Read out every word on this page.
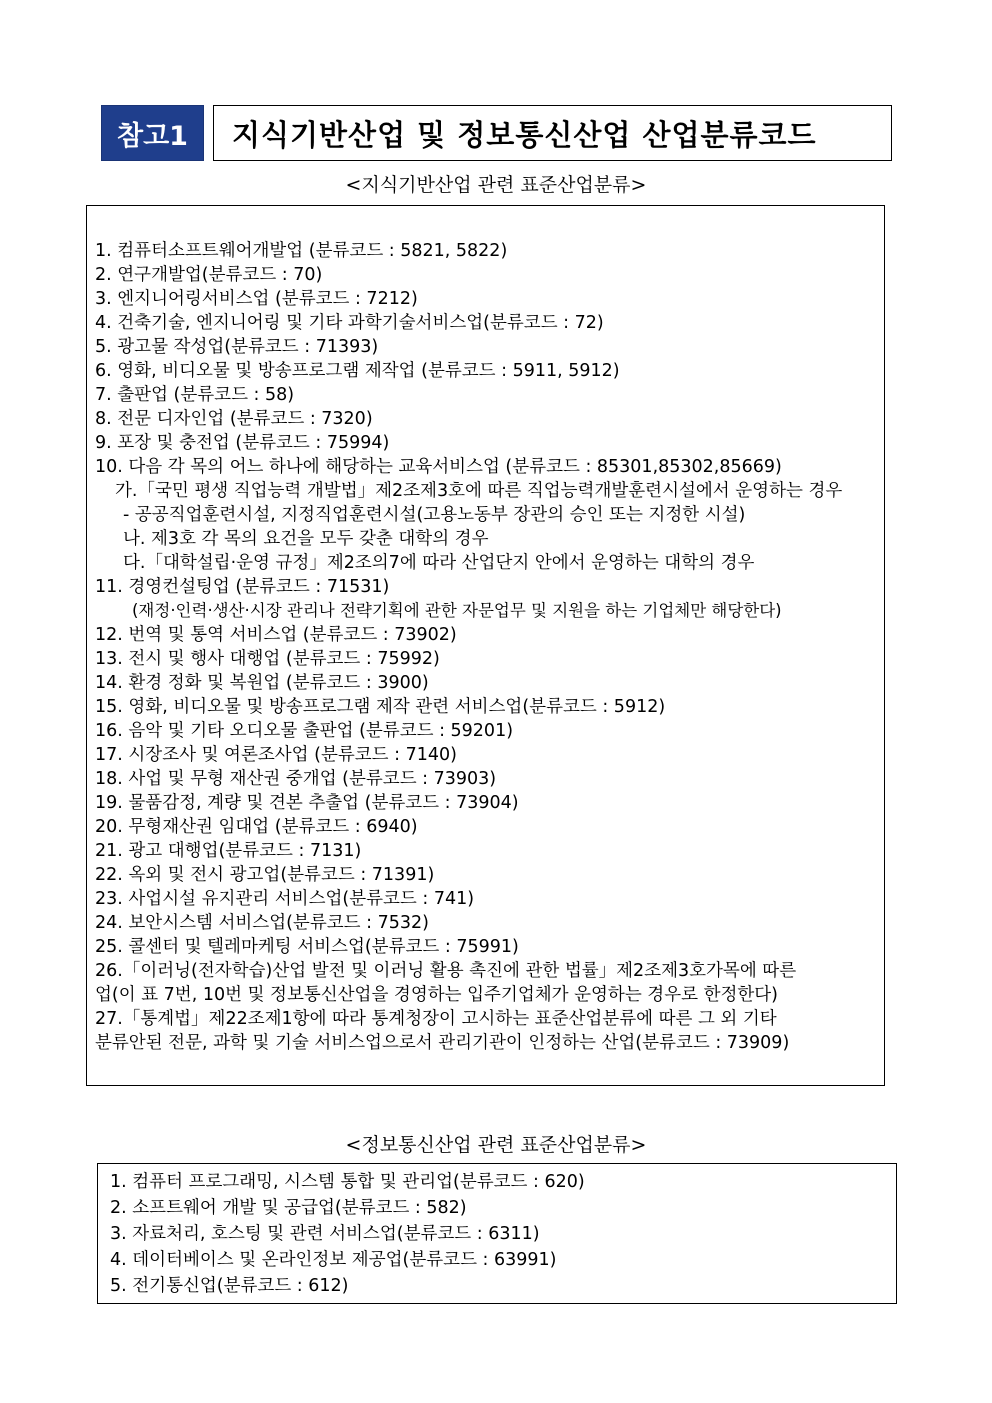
참고1	지식기반산업 및 정보통신산업 산업분류코드
<지식기반산업 관련 표준산업분류>
1. 컴퓨터소프트웨어개발업 (분류코드 : 5821, 5822)
2. 연구개발업(분류코드 : 70)
3. 엔지니어링서비스업 (분류코드 : 7212)
4. 건축기술, 엔지니어링 및 기타 과학기술서비스업(분류코드 : 72)
5. 광고물 작성업(분류코드 : 71393)
6. 영화, 비디오물 및 방송프로그램 제작업 (분류코드 : 5911, 5912)
7. 출판업 (분류코드 : 58)
8. 전문 디자인업 (분류코드 : 7320)
9. 포장 및 충전업 (분류코드 : 75994)
10. 다음 각 목의 어느 하나에 해당하는 교육서비스업 (분류코드 : 85301,85302,85669)
가.「국민 평생 직업능력 개발법」제2조제3호에 따른 직업능력개발훈련시설에서 운영하는 경우
- 공공직업훈련시설, 지정직업훈련시설(고용노동부 장관의 승인 또는 지정한 시설)
나. 제3호 각 목의 요건을 모두 갖춘 대학의 경우
다.「대학설립·운영 규정」제2조의7에 따라 산업단지 안에서 운영하는 대학의 경우
11. 경영컨설팅업 (분류코드 : 71531)
(재정·인력·생산·시장 관리나 전략기획에 관한 자문업무 및 지원을 하는 기업체만 해당한다)
12. 번역 및 통역 서비스업 (분류코드 : 73902)
13. 전시 및 행사 대행업 (분류코드 : 75992)
14. 환경 정화 및 복원업 (분류코드 : 3900)
15. 영화, 비디오물 및 방송프로그램 제작 관련 서비스업(분류코드 : 5912)
16. 음악 및 기타 오디오물 출판업 (분류코드 : 59201)
17. 시장조사 및 여론조사업 (분류코드 : 7140)
18. 사업 및 무형 재산권 중개업 (분류코드 : 73903)
19. 물품감정, 계량 및 견본 추출업 (분류코드 : 73904)
20. 무형재산권 임대업 (분류코드 : 6940)
21. 광고 대행업(분류코드 : 7131)
22. 옥외 및 전시 광고업(분류코드 : 71391)
23. 사업시설 유지관리 서비스업(분류코드 : 741)
24. 보안시스템 서비스업(분류코드 : 7532)
25. 콜센터 및 텔레마케팅 서비스업(분류코드 : 75991)
26.「이러닝(전자학습)산업 발전 및 이러닝 활용 촉진에 관한 법률」제2조제3호가목에 따른
업(이 표 7번, 10번 및 정보통신산업을 경영하는 입주기업체가 운영하는 경우로 한정한다)
27.「통계법」제22조제1항에 따라 통계청장이 고시하는 표준산업분류에 따른 그 외 기타
분류안된 전문, 과학 및 기술 서비스업으로서 관리기관이 인정하는 산업(분류코드 : 73909)
<정보통신산업 관련 표준산업분류>
1. 컴퓨터 프로그래밍, 시스템 통합 및 관리업(분류코드 : 620)
2. 소프트웨어 개발 및 공급업(분류코드 : 582)
3. 자료처리, 호스팅 및 관련 서비스업(분류코드 : 6311)
4. 데이터베이스 및 온라인정보 제공업(분류코드 : 63991)
5. 전기통신업(분류코드 : 612)
